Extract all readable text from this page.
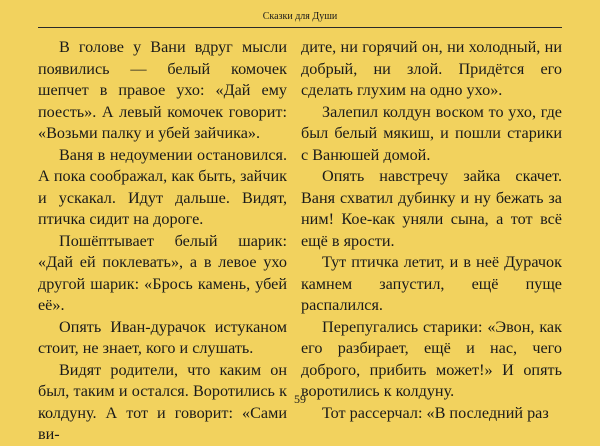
Сказки для Души

В голове у Вани вдруг мысли появились — белый комочек шепчет в правое ухо: «Дай ему поесть». А левый комочек говорит: «Возьми палку и убей зайчика».

Ваня в недоумении остановился. А пока соображал, как быть, зайчик и ускакал. Идут дальше. Видят, птичка сидит на дороге.

Пошёптывает белый шарик: «Дай ей поклевать», а в левое ухо другой шарик: «Брось камень, убей её».

Опять Иван-дурачок истуканом стоит, не знает, кого и слушать.

Видят родители, что каким он был, таким и остался. Воротились к колдуну. А тот и говорит: «Сами ви-

дите, ни горячий он, ни холодный, ни добрый, ни злой. Придётся его сделать глухим на одно ухо».

Залепил колдун воском то ухо, где был белый мякиш, и пошли старики с Ванюшей домой.

Опять навстречу зайка скачет. Ваня схватил дубинку и ну бежать за ним! Кое-как уняли сына, а тот всё ещё в ярости.

Тут птичка летит, и в неё Дурачок камнем запустил, ещё пуще распалился.

Перепугались старики: «Эвон, как его разбирает, ещё и нас, чего доброго, прибить может!» И опять воротились к колдуну.

Тот рассерчал: «В последний раз

59
